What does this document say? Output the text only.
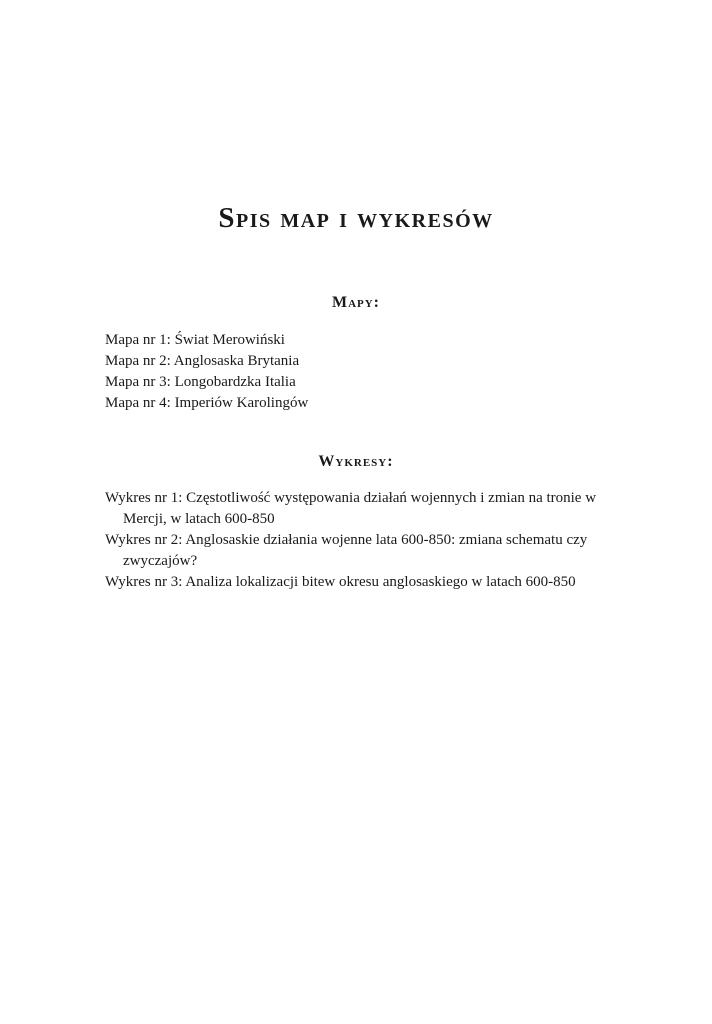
Spis map i wykresów
Mapy:
Mapa nr 1: Świat Merowiński
Mapa nr 2: Anglosaska Brytania
Mapa nr 3: Longobardzka Italia
Mapa nr 4: Imperiów Karolingów
Wykresy:
Wykres nr 1: Częstotliwość występowania działań wojennych i zmian na tronie w Mercji, w latach 600-850
Wykres nr 2: Anglosaskie działania wojenne lata 600-850: zmiana schematu czy zwyczajów?
Wykres nr 3: Analiza lokalizacji bitew okresu anglosaskiego w latach 600-850
